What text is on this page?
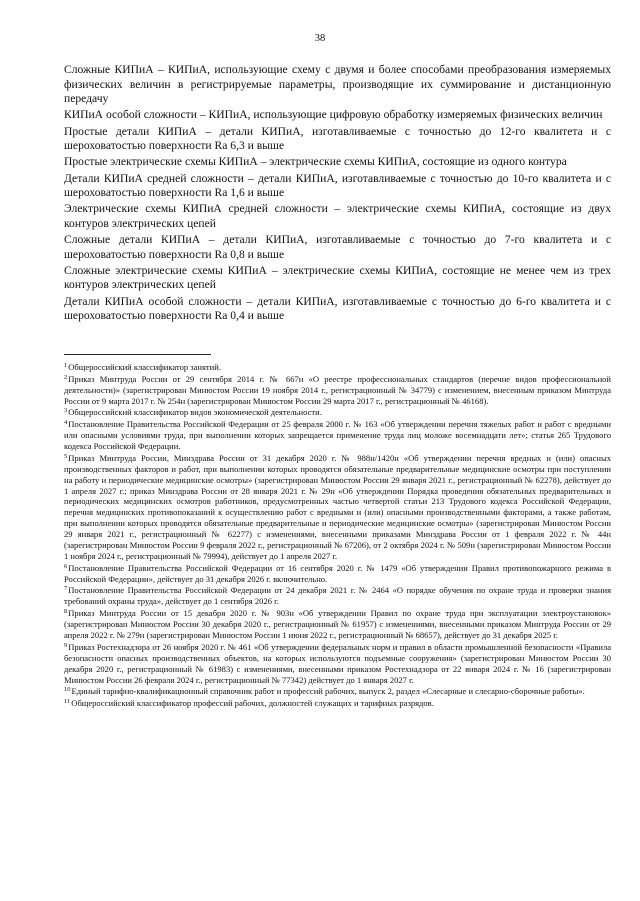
38

Сложные КИПиА – КИПиА, использующие схему с двумя и более способами преобразования измеряемых физических величин в регистрируемые параметры, производящие их суммирование и дистанционную передачу

КИПиА особой сложности – КИПиА, использующие цифровую обработку измеряемых физических величин

Простые детали КИПиА – детали КИПиА, изготавливаемые с точностью до 12-го квалитета и с шероховатостью поверхности Ra 6,3 и выше

Простые электрические схемы КИПиА – электрические схемы КИПиА, состоящие из одного контура

Детали КИПиА средней сложности – детали КИПиА, изготавливаемые с точностью до 10-го квалитета и с шероховатостью поверхности Ra 1,6 и выше

Электрические схемы КИПиА средней сложности – электрические схемы КИПиА, состоящие из двух контуров электрических цепей

Сложные детали КИПиА – детали КИПиА, изготавливаемые с точностью до 7-го квалитета и с шероховатостью поверхности Ra 0,8 и выше

Сложные электрические схемы КИПиА – электрические схемы КИПиА, состоящие не менее чем из трех контуров электрических цепей

Детали КИПиА особой сложности – детали КИПиА, изготавливаемые с точностью до 6-го квалитета и с шероховатостью поверхности Ra 0,4 и выше

$^1$Общероссийский классификатор занятий.

$^2$Приказ Минтруда России от 29 сентября 2014 г. № 667н «О реестре профессиональных стандартов (перечне видов профессиональной деятельности)» (зарегистрирован Минюстом России 19 ноября 2014 г., регистрационный № 34779) с изменением, внесенным приказом Минтруда России от 9 марта 2017 г. № 254н (зарегистрирован Минюстом России 29 марта 2017 г., регистрационный № 46168).

$^3$Общероссийский классификатор видов экономической деятельности.

$^4$Постановление Правительства Российской Федерации от 25 февраля 2000 г. № 163 «Об утверждении перечня тяжелых работ и работ с вредными или опасными условиями труда, при выполнении которых запрещается применение труда лиц моложе восемнадцати лет»; статья 265 Трудового кодекса Российской Федерации.

$^5$Приказ Минтруда России, Минздрава России от 31 декабря 2020 г. № 988н/1420н «Об утверждении перечня вредных и (или) опасных производственных факторов и работ, при выполнении которых проводятся обязательные предварительные медицинские осмотры при поступлении на работу и периодические медицинские осмотры» (зарегистрирован Минюстом России 29 января 2021 г., регистрационный № 62278), действует до 1 апреля 2027 г.; приказ Минздрава России от 28 января 2021 г. № 29н «Об утверждении Порядка проведения обязательных предварительных и периодических медицинских осмотров работников, предусмотренных частью четвертой статьи 213 Трудового кодекса Российской Федерации, перечня медицинских противопоказаний к осуществлению работ с вредными и (или) опасными производственными факторами, а также работам, при выполнении которых проводятся обязательные предварительные и периодические медицинские осмотры» (зарегистрирован Минюстом России 29 января 2021 г., регистрационный № 62277) с изменениями, внесенными приказами Минздрава России от 1 февраля 2022 г. № 44н (зарегистрирован Минюстом России 9 февраля 2022 г., регистрационный № 67206), от 2 октября 2024 г. № 509н (зарегистрирован Минюстом России 1 ноября 2024 г., регистрационный № 79994), действует до 1 апреля 2027 г.

$^6$Постановление Правительства Российской Федерации от 16 сентября 2020 г. № 1479 «Об утверждении Правил противопожарного режима в Российской Федерации», действует до 31 декабря 2026 г. включительно.

$^7$Постановление Правительства Российской Федерации от 24 декабря 2021 г. № 2464 «О порядке обучения по охране труда и проверки знания требований охраны труда», действует до 1 сентября 2026 г.

$^8$Приказ Минтруда России от 15 декабря 2020 г. № 903н «Об утверждении Правил по охране труда при эксплуатации электроустановок» (зарегистрирован Минюстом России 30 декабря 2020 г., регистрационный № 61957) с изменениями, внесенными приказом Минтруда России от 29 апреля 2022 г. № 279н (зарегистрирован Минюстом России 1 июня 2022 г., регистрационный № 68657), действует до 31 декабря 2025 г.

$^9$Приказ Ростехнадзора от 26 ноября 2020 г. № 461 «Об утверждении федеральных норм и правил в области промышленной безопасности «Правила безопасности опасных производственных объектов, на которых используются подъемные сооружения» (зарегистрирован Минюстом России 30 декабря 2020 г., регистрационный № 61983) с изменениями, внесенными приказом Ростехнадзора от 22 января 2024 г. № 16 (зарегистрирован Минюстом России 26 февраля 2024 г., регистрационный № 77342) действует до 1 января 2027 г.

$^{10}$Единый тарифно-квалификационный справочник работ и профессий рабочих, выпуск 2, раздел «Слесарные и слесарно-сборочные работы».

$^{11}$Общероссийский классификатор профессий рабочих, должностей служащих и тарифных разрядов.
